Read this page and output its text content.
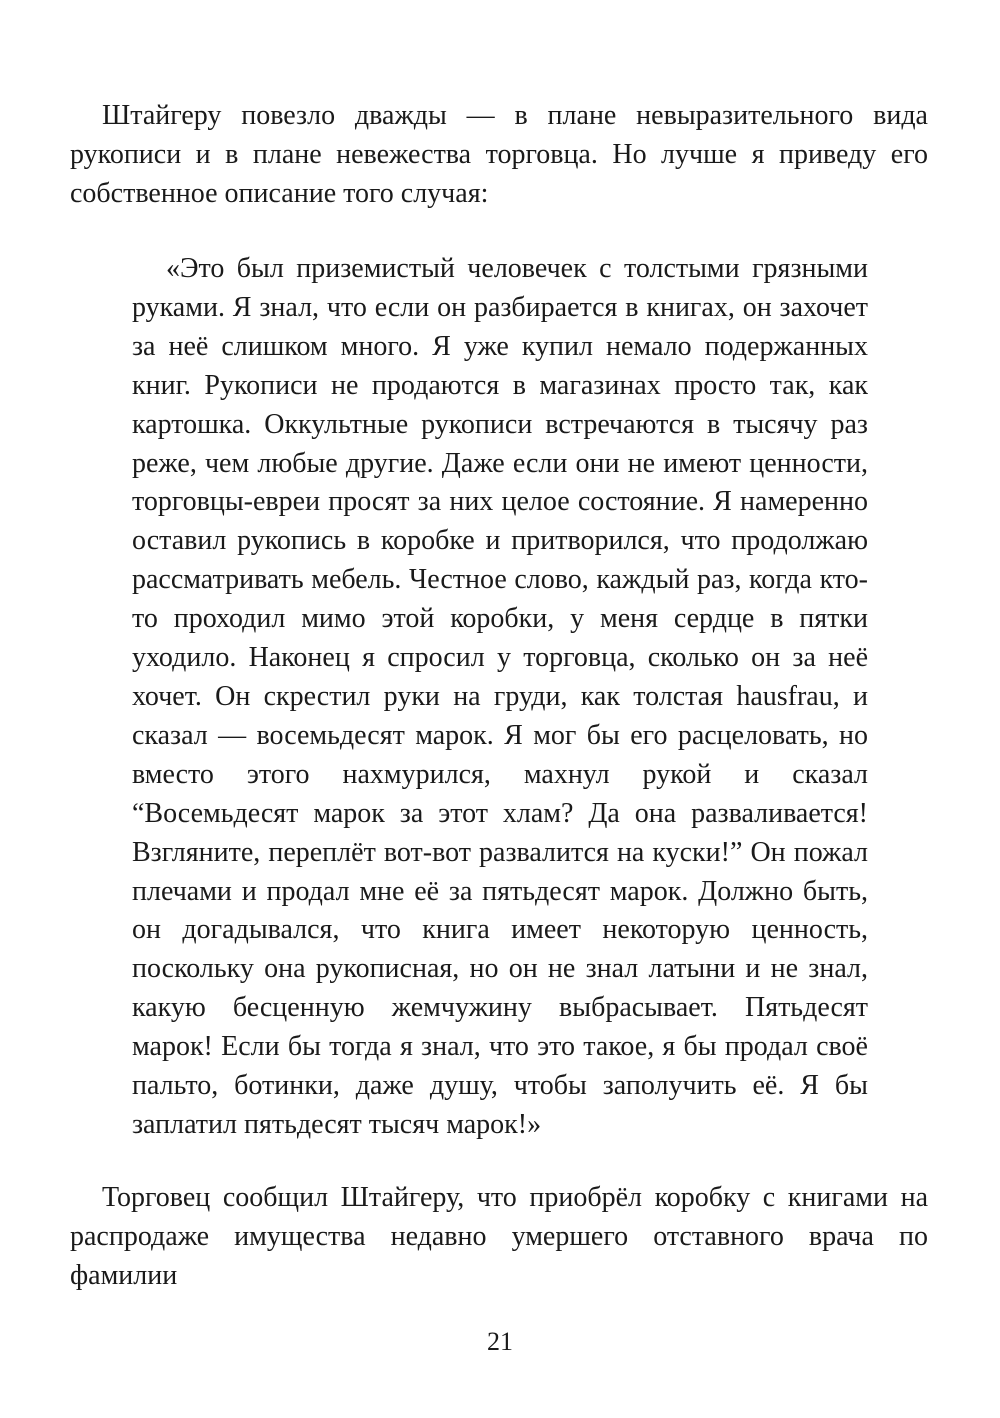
Штайгеру повезло дважды — в плане невыразительного вида рукописи и в плане невежества торговца. Но лучше я приведу его собственное описание того случая:

«Это был приземистый человечек с толстыми грязными руками. Я знал, что если он разбирается в книгах, он захочет за неё слишком много. Я уже купил немало подержанных книг. Рукописи не продаются в магазинах просто так, как картошка. Оккультные рукописи встречаются в тысячу раз реже, чем любые другие. Даже если они не имеют ценности, торговцы-евреи просят за них целое состояние. Я намеренно оставил рукопись в коробке и притворился, что продолжаю рассматривать мебель. Честное слово, каждый раз, когда кто-то проходил мимо этой коробки, у меня сердце в пятки уходило. Наконец я спросил у торговца, сколько он за неё хочет. Он скрестил руки на груди, как толстая hausfrau, и сказал — восемьдесят марок. Я мог бы его расцеловать, но вместо этого нахмурился, махнул рукой и сказал “Восемьдесят марок за этот хлам? Да она разваливается! Взгляните, переплёт вот-вот развалится на куски!” Он пожал плечами и продал мне её за пятьдесят марок. Должно быть, он догадывался, что книга имеет некоторую ценность, поскольку она рукописная, но он не знал латыни и не знал, какую бесценную жемчужину выбрасывает. Пятьдесят марок! Если бы тогда я знал, что это такое, я бы продал своё пальто, ботинки, даже душу, чтобы заполучить её. Я бы заплатил пятьдесят тысяч марок!»

Торговец сообщил Штайгеру, что приобрёл коробку с книгами на распродаже имущества недавно умершего отставного врача по фамилии

21
